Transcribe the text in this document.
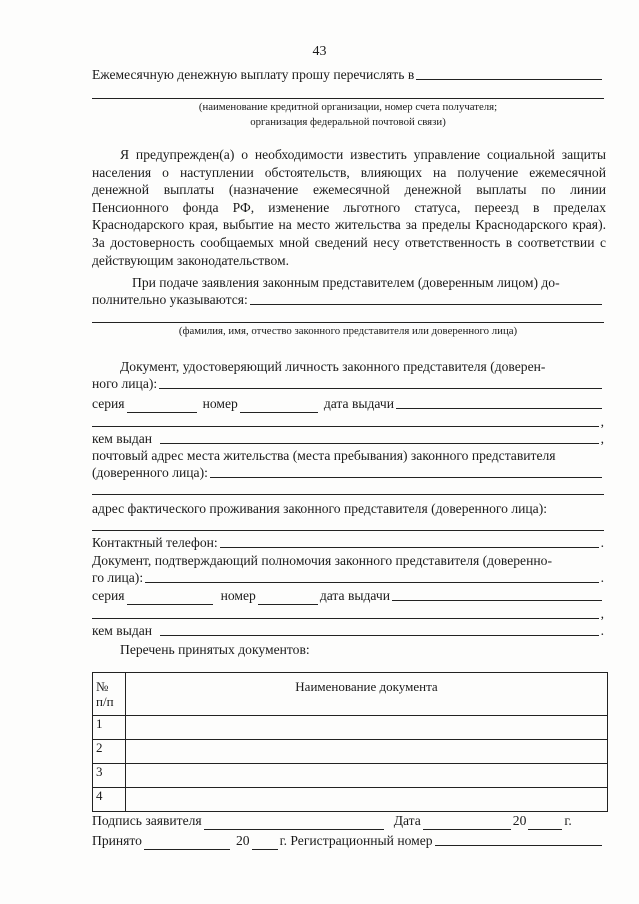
43
Ежемесячную денежную выплату прошу перечислять в
(наименование кредитной организации, номер счета получателя;
организация федеральной почтовой связи)
Я предупрежден(а) о необходимости известить управление социальной защиты населения о наступлении обстоятельств, влияющих на получение ежемесячной денежной выплаты (назначение ежемесячной денежной выплаты по линии Пенсионного фонда РФ, изменение льготного статуса, переезд в пределах Краснодарского края, выбытие на место жительства за пределы Краснодарского края). За достоверность сообщаемых мной сведений несу ответственность в соответствии с действующим законодательством.
При подаче заявления законным представителем (доверенным лицом) до-
полнительно указываются:
(фамилия, имя, отчество законного представителя или доверенного лица)
Документ, удостоверяющий личность законного представителя (доверен-
ного лица):
серия	номер	дата выдачи
,
кем выдан	,
почтовый адрес места жительства (места пребывания) законного представителя
(доверенного лица):
адрес фактического проживания законного представителя (доверенного лица):
Контактный телефон:	.
Документ, подтверждающий полномочия законного представителя (доверенно-
го лица):	.
серия	номер	дата выдачи
,
кем выдан	.
Перечень принятых документов:
№
п/п	Наименование документа
1	
2	
3	
4	
Подпись заявителя	Дата	20	г.
Принято	20 г. Регистрационный номер
